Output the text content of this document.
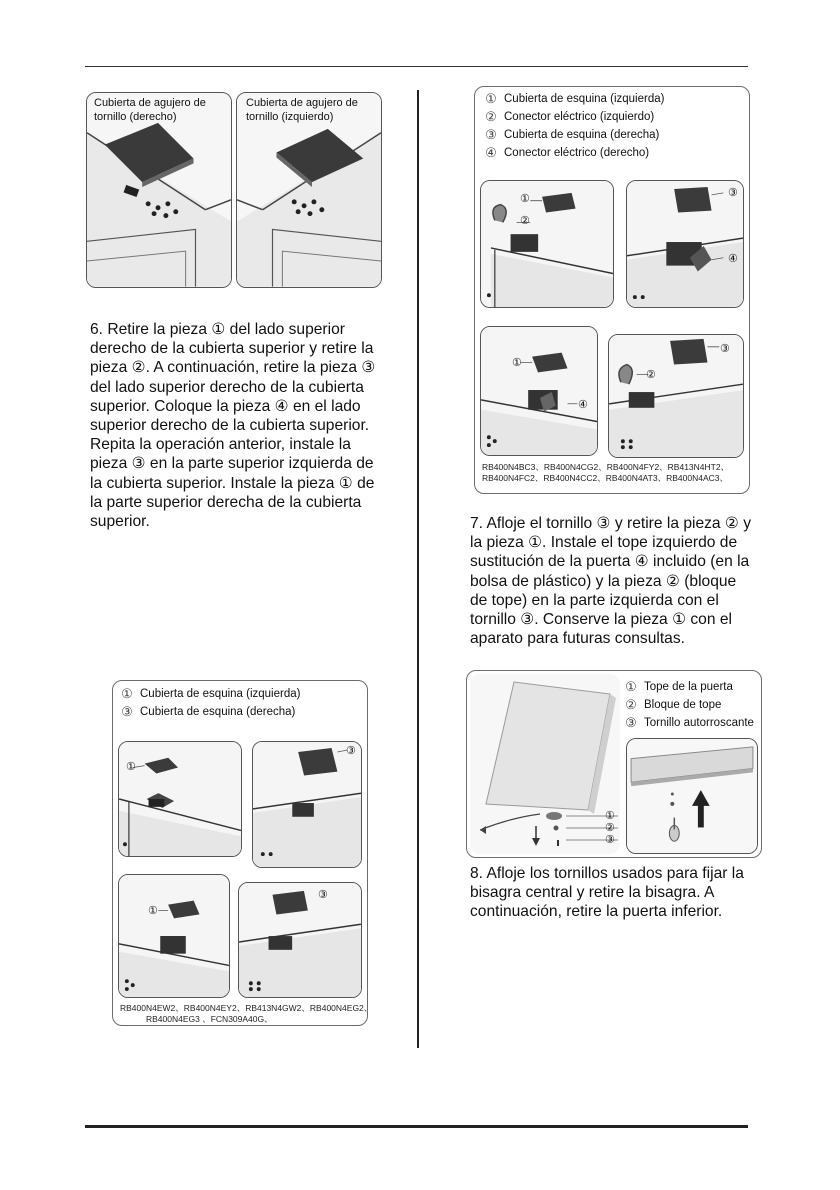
Cubierta de agujero de tornillo (derecho)
Cubierta de agujero de tornillo (izquierdo)
6. Retire la pieza ① del lado superior derecho de la cubierta superior y retire la pieza ②. A continuación, retire la pieza ③ del lado superior derecho de la cubierta superior. Coloque la pieza ④ en el lado superior derecho de la cubierta superior. Repita la operación anterior, instale la pieza ③ en la parte superior izquierda de la cubierta superior. Instale la pieza ① de la parte superior derecha de la cubierta superior.
① Cubierta de esquina (izquierda)
③ Cubierta de esquina (derecha)
①
③
①
③
RB400N4EW2、RB400N4EY2、RB413N4GW2、RB400N4EG2、
RB400N4EG3 、FCN309A40G、
① Cubierta de esquina (izquierda)
② Conector eléctrico (izquierdo)
③ Cubierta de esquina (derecha)
④ Conector eléctrico (derecho)
①
②
③
④
①
④
③
②
RB400N4BC3、RB400N4CG2、RB400N4FY2、RB413N4HT2、
RB400N4FC2、RB400N4CC2、RB400N4AT3、RB400N4AC3、
7. Afloje el tornillo ③ y retire la pieza ② y la pieza ①. Instale el tope izquierdo de sustitución de la puerta ④ incluido (en la bolsa de plástico) y la pieza ② (bloque de tope) en la parte izquierda con el tornillo ③. Conserve la pieza ① con el aparato para futuras consultas.
①
②
③
① Tope de la puerta
② Bloque de tope
③ Tornillo autorroscante
8. Afloje los tornillos usados para fijar la bisagra central y retire la bisagra. A continuación, retire la puerta inferior.
